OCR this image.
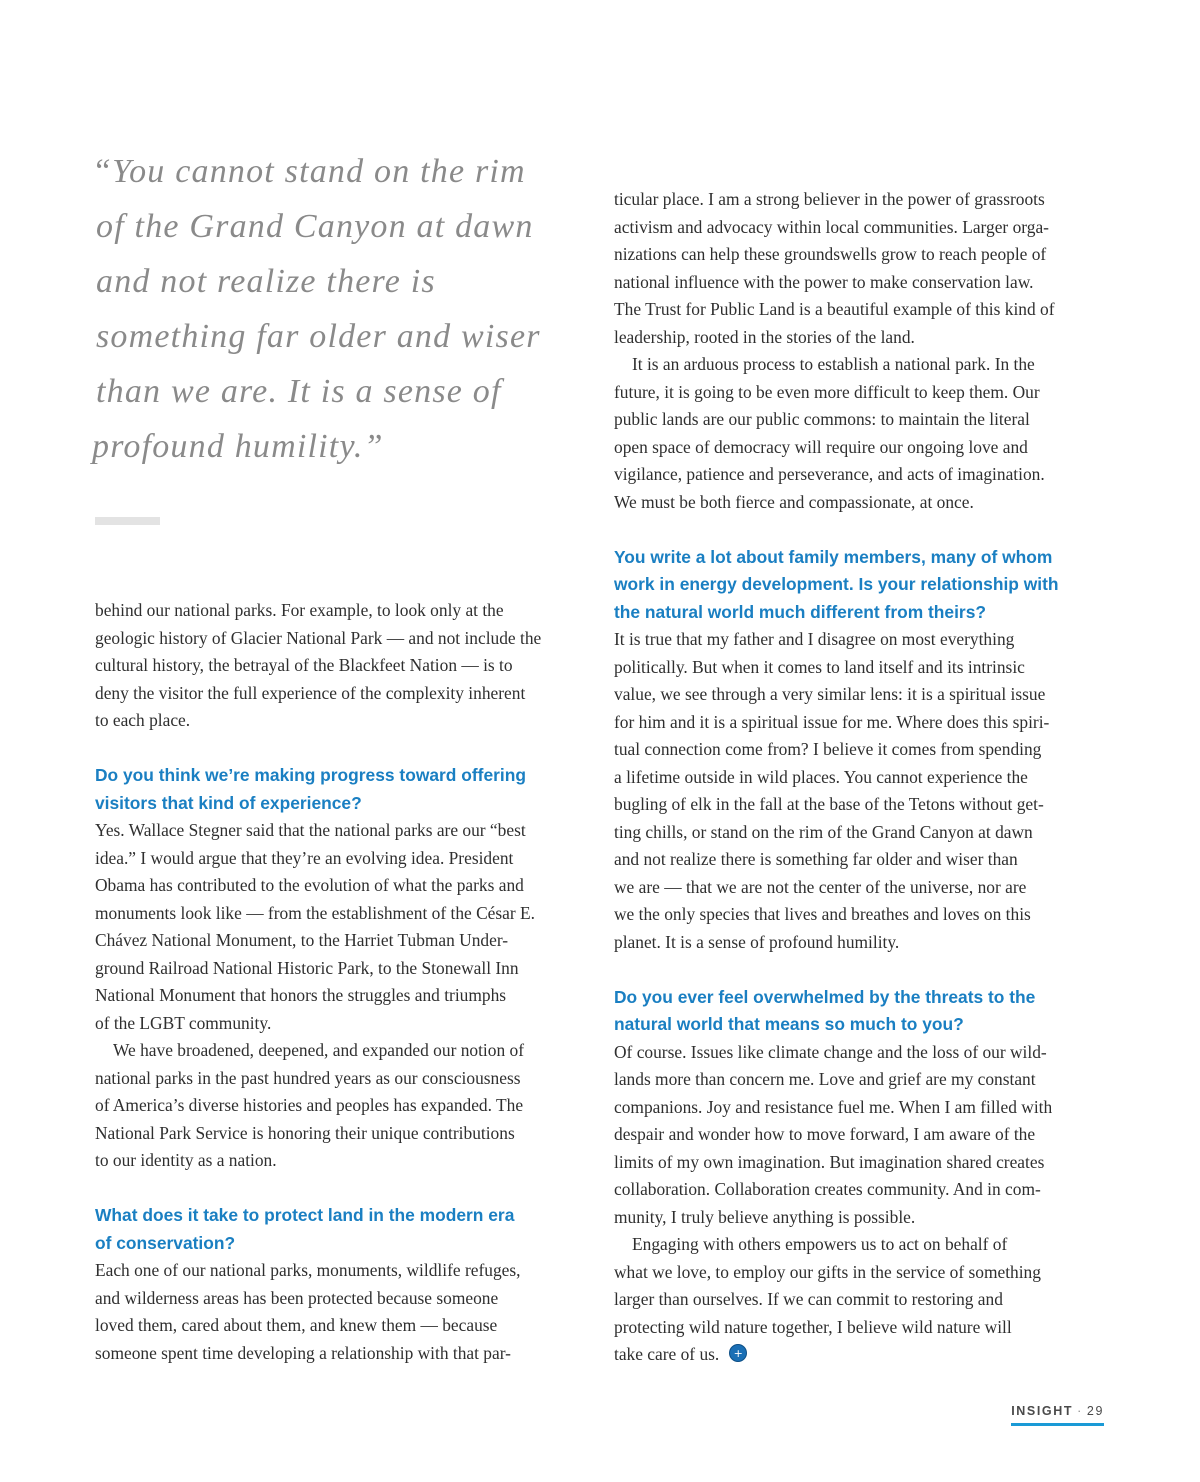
“You cannot stand on the rim
of the Grand Canyon at dawn
and not realize there is
something far older and wiser
than we are. It is a sense of
profound humility.”

behind our national parks. For example, to look only at the
geologic history of Glacier National Park — and not include the
cultural history, the betrayal of the Blackfeet Nation — is to
deny the visitor the full experience of the complexity inherent
to each place.

Do you think we’re making progress toward offering
visitors that kind of experience?

Yes. Wallace Stegner said that the national parks are our “best
idea.” I would argue that they’re an evolving idea. President
Obama has contributed to the evolution of what the parks and
monuments look like — from the establishment of the César E.
Chávez National Monument, to the Harriet Tubman Under-
ground Railroad National Historic Park, to the Stonewall Inn
National Monument that honors the struggles and triumphs
of the LGBT community.

We have broadened, deepened, and expanded our notion of
national parks in the past hundred years as our consciousness
of America’s diverse histories and peoples has expanded. The
National Park Service is honoring their unique contributions
to our identity as a nation.

What does it take to protect land in the modern era
of conservation?

Each one of our national parks, monuments, wildlife refuges,
and wilderness areas has been protected because someone
loved them, cared about them, and knew them — because
someone spent time developing a relationship with that par-

ticular place. I am a strong believer in the power of grassroots
activism and advocacy within local communities. Larger orga-
nizations can help these groundswells grow to reach people of
national influence with the power to make conservation law.
The Trust for Public Land is a beautiful example of this kind of
leadership, rooted in the stories of the land.

It is an arduous process to establish a national park. In the
future, it is going to be even more difficult to keep them. Our
public lands are our public commons: to maintain the literal
open space of democracy will require our ongoing love and
vigilance, patience and perseverance, and acts of imagination.
We must be both fierce and compassionate, at once.

You write a lot about family members, many of whom
work in energy development. Is your relationship with
the natural world much different from theirs?

It is true that my father and I disagree on most everything
politically. But when it comes to land itself and its intrinsic
value, we see through a very similar lens: it is a spiritual issue
for him and it is a spiritual issue for me. Where does this spiri-
tual connection come from? I believe it comes from spending
a lifetime outside in wild places. You cannot experience the
bugling of elk in the fall at the base of the Tetons without get-
ting chills, or stand on the rim of the Grand Canyon at dawn
and not realize there is something far older and wiser than
we are — that we are not the center of the universe, nor are
we the only species that lives and breathes and loves on this
planet. It is a sense of profound humility.

Do you ever feel overwhelmed by the threats to the
natural world that means so much to you?

Of course. Issues like climate change and the loss of our wild-
lands more than concern me. Love and grief are my constant
companions. Joy and resistance fuel me. When I am filled with
despair and wonder how to move forward, I am aware of the
limits of my own imagination. But imagination shared creates
collaboration. Collaboration creates community. And in com-
munity, I truly believe anything is possible.

Engaging with others empowers us to act on behalf of
what we love, to employ our gifts in the service of something
larger than ourselves. If we can commit to restoring and
protecting wild nature together, I believe wild nature will
take care of us. +

INSIGHT · 29
